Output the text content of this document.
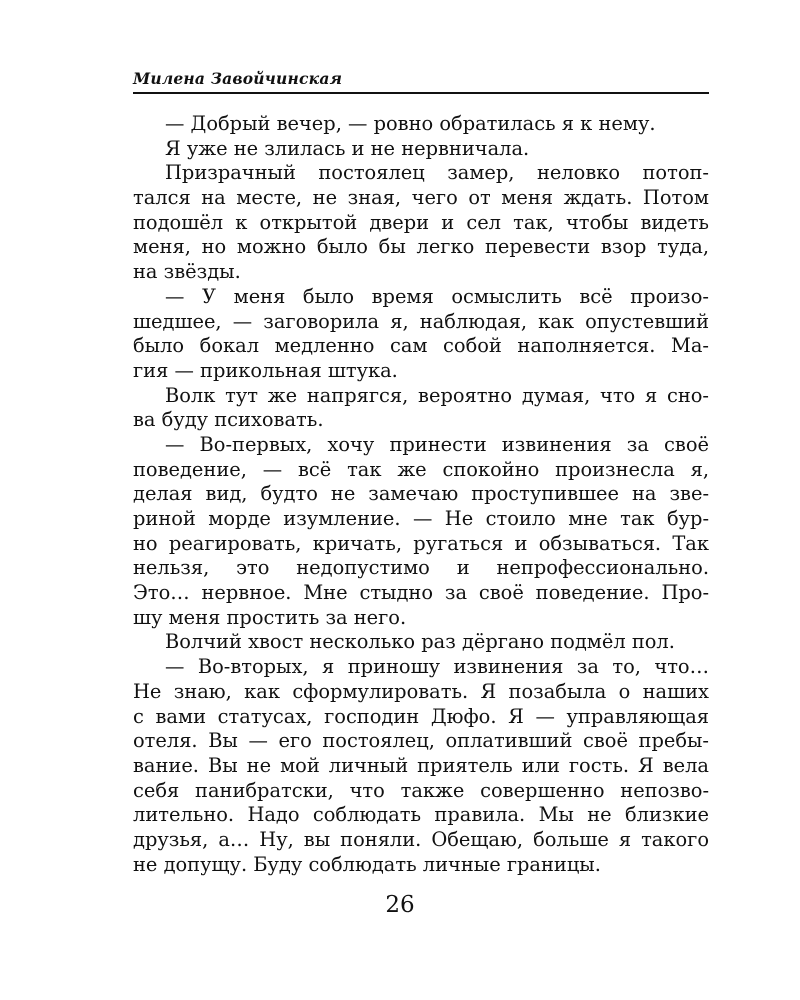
Милена Завойчинская
— Добрый вечер, — ровно обратилась я к нему.
Я уже не злилась и не нервничала.
Призрачный постоялец замер, неловко потоп-
тался на месте, не зная, чего от меня ждать. Потом
подошёл к открытой двери и сел так, чтобы видеть
меня, но можно было бы легко перевести взор туда,
на звёзды.
— У меня было время осмыслить всё произо-
шедшее, — заговорила я, наблюдая, как опустевший
было бокал медленно сам собой наполняется. Ма-
гия — прикольная штука.
Волк тут же напрягся, вероятно думая, что я сно-
ва буду психовать.
— Во-первых, хочу принести извинения за своё
поведение, — всё так же спокойно произнесла я,
делая вид, будто не замечаю проступившее на зве-
риной морде изумление. — Не стоило мне так бур-
но реагировать, кричать, ругаться и обзываться. Так
нельзя, это недопустимо и непрофессионально.
Это… нервное. Мне стыдно за своё поведение. Про-
шу меня простить за него.
Волчий хвост несколько раз дёргано подмёл пол.
— Во-вторых, я приношу извинения за то, что…
Не знаю, как сформулировать. Я позабыла о наших
с вами статусах, господин Дюфо. Я — управляющая
отеля. Вы — его постоялец, оплативший своё пребы-
вание. Вы не мой личный приятель или гость. Я вела
себя панибратски, что также совершенно непозво-
лительно. Надо соблюдать правила. Мы не близкие
друзья, а… Ну, вы поняли. Обещаю, больше я такого
не допущу. Буду соблюдать личные границы.
26
